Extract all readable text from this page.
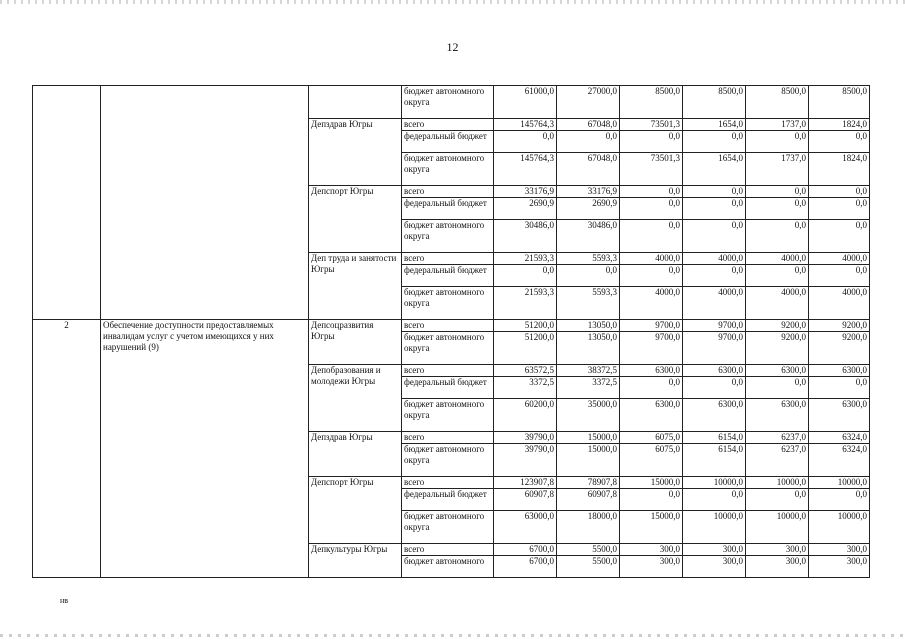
12
			бюджет автономного округа	61000,0	27000,0	8500,0	8500,0	8500,0	8500,0
		Депздрав Югры	всего	145764,3	67048,0	73501,3	1654,0	1737,0	1824,0
			федеральный бюджет	0,0	0,0	0,0	0,0	0,0	0,0
			бюджет автономного округа	145764,3	67048,0	73501,3	1654,0	1737,0	1824,0
		Депспорт Югры	всего	33176,9	33176,9	0,0	0,0	0,0	0,0
			федеральный бюджет	2690,9	2690,9	0,0	0,0	0,0	0,0
			бюджет автономного округа	30486,0	30486,0	0,0	0,0	0,0	0,0
		Деп труда и занятости Югры	всего	21593,3	5593,3	4000,0	4000,0	4000,0	4000,0
			федеральный бюджет	0,0	0,0	0,0	0,0	0,0	0,0
			бюджет автономного округа	21593,3	5593,3	4000,0	4000,0	4000,0	4000,0
2	Обеспечение доступности предоставляемых инвалидам услуг с учетом имеющихся у них нарушений (9)	Депсоцразвития Югры	всего	51200,0	13050,0	9700,0	9700,0	9200,0	9200,0
			бюджет автономного округа	51200,0	13050,0	9700,0	9700,0	9200,0	9200,0
		Депобразования и молодежи Югры	всего	63572,5	38372,5	6300,0	6300,0	6300,0	6300,0
			федеральный бюджет	3372,5	3372,5	0,0	0,0	0,0	0,0
			бюджет автономного округа	60200,0	35000,0	6300,0	6300,0	6300,0	6300,0
		Депздрав Югры	всего	39790,0	15000,0	6075,0	6154,0	6237,0	6324,0
			бюджет автономного округа	39790,0	15000,0	6075,0	6154,0	6237,0	6324,0
		Депспорт Югры	всего	123907,8	78907,8	15000,0	10000,0	10000,0	10000,0
			федеральный бюджет	60907,8	60907,8	0,0	0,0	0,0	0,0
			бюджет автономного округа	63000,0	18000,0	15000,0	10000,0	10000,0	10000,0
		Депкультуры Югры	всего	6700,0	5500,0	300,0	300,0	300,0	300,0
			бюджет автономного	6700,0	5500,0	300,0	300,0	300,0	300,0
нв
